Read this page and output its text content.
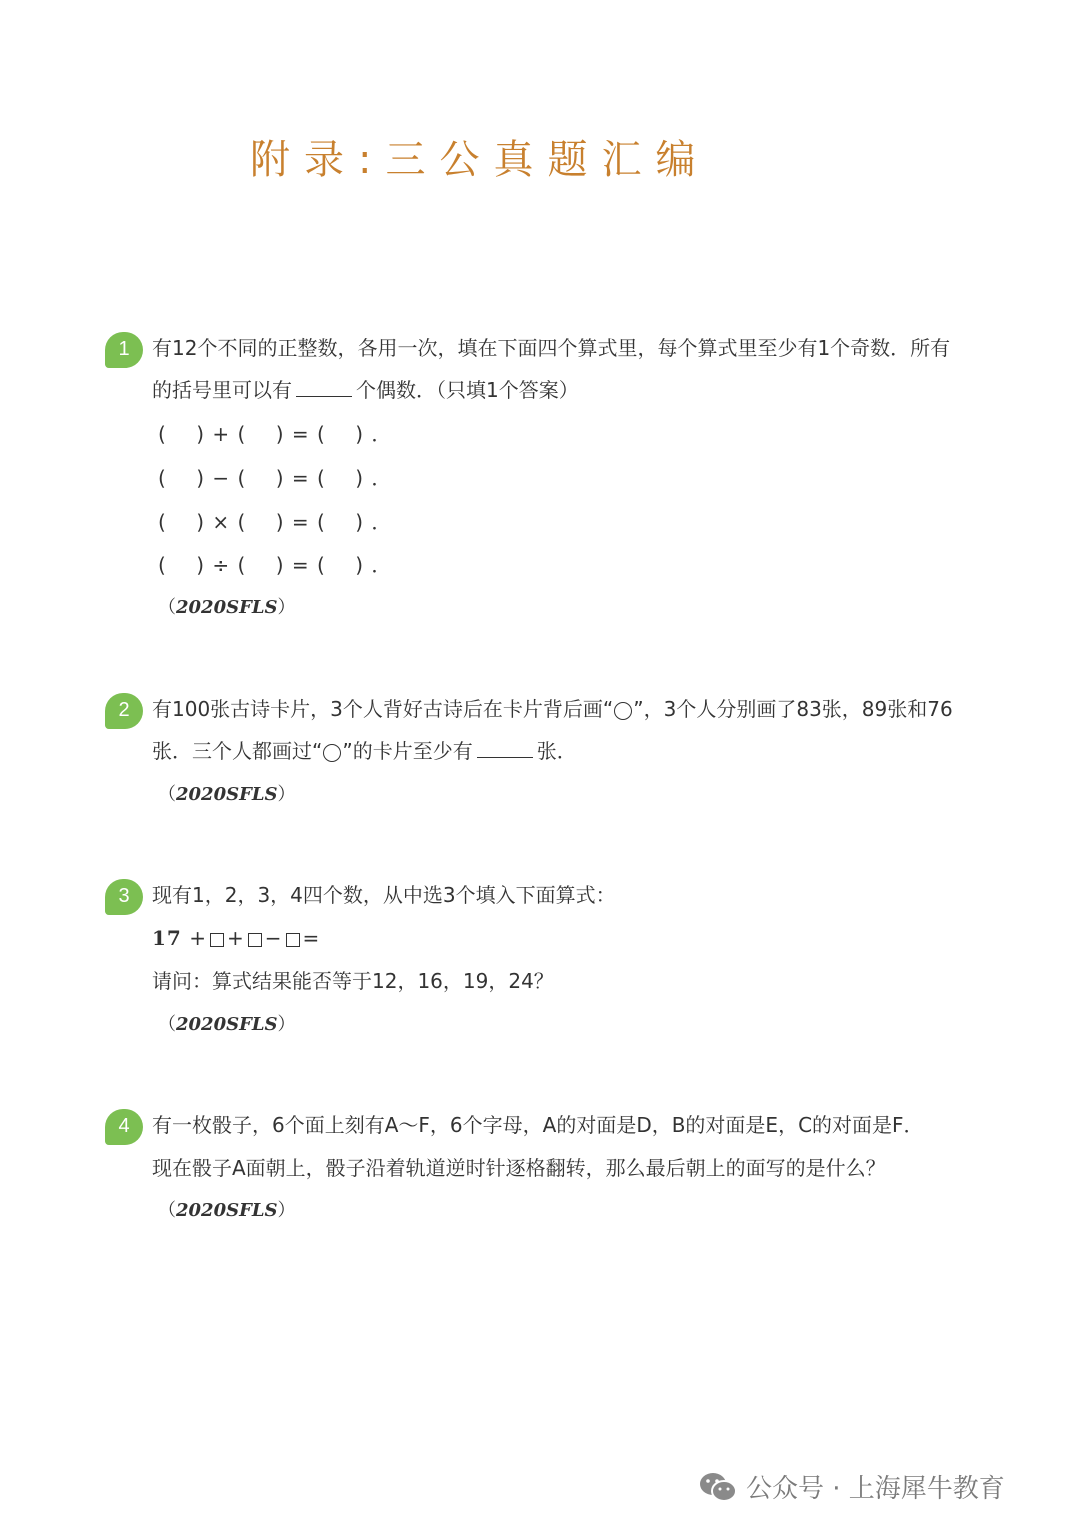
附录:三公真题汇编
1	有12个不同的正整数，各用一次，填在下面四个算式里，每个算式里至少有1个奇数．所有
的括号里可以有	个偶数．（只填1个答案）
(    ) + (    ) = (    ) ．
(    ) − (    ) = (    ) ．
(    ) × (    ) = (    ) ．
(    ) ÷ (    ) = (    ) ．
（2020SFLS）
2	有100张古诗卡片，3个人背好古诗后在卡片背后画“ ”，3个人分别画了83张，89张和76
张．三个人都画过“ ”的卡片至少有	张．
（2020SFLS）
3	现有1，2，3，4四个数，从中选3个填入下面算式：
17 + + − =
请问：算式结果能否等于12，16，19，24？
（2020SFLS）
4	有一枚骰子，6个面上刻有A～F，6个字母，A的对面是D，B的对面是E，C的对面是F．
现在骰子A面朝上，骰子沿着轨道逆时针逐格翻转，那么最后朝上的面写的是什么？
（2020SFLS）
公众号 · 上海犀牛教育
